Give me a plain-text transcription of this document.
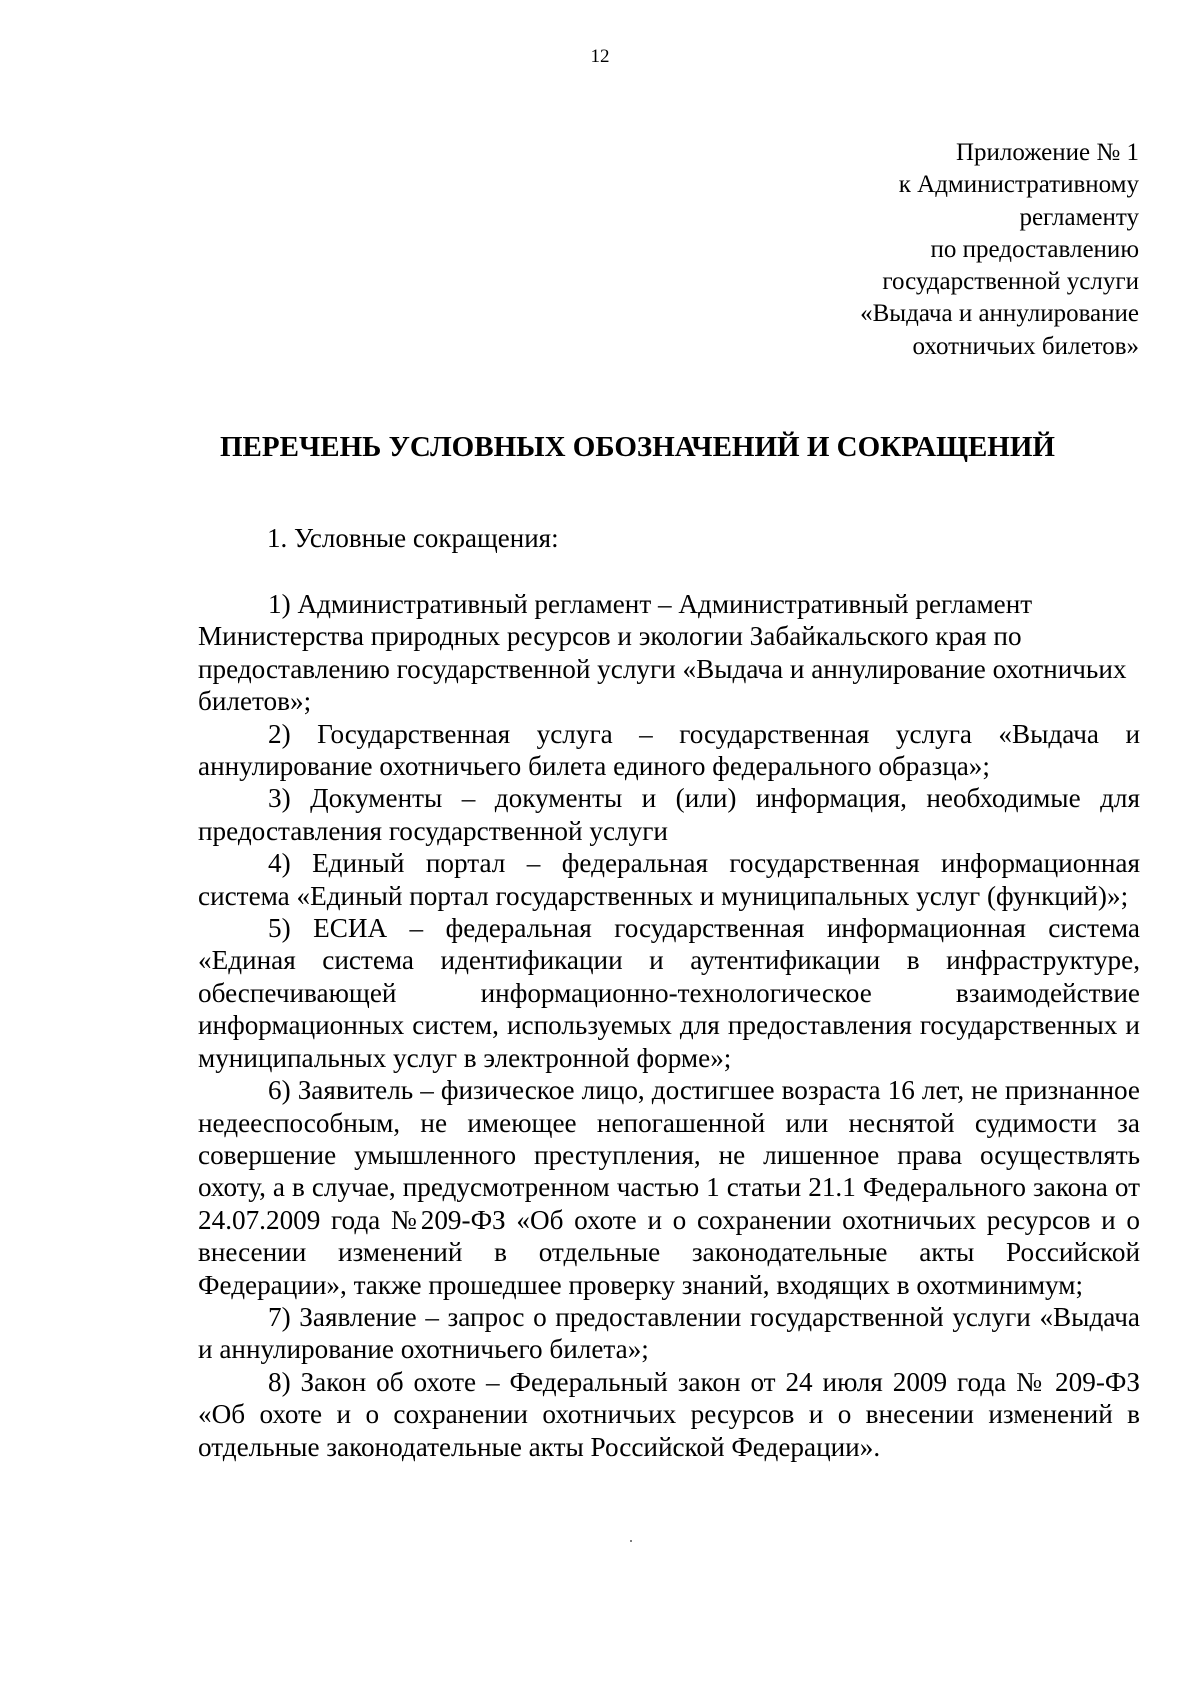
12
Приложение № 1
к Административному
регламенту
по предоставлению
государственной услуги
«Выдача и аннулирование
охотничьих билетов»
ПЕРЕЧЕНЬ УСЛОВНЫХ ОБОЗНАЧЕНИЙ И СОКРАЩЕНИЙ
1. Условные сокращения:

1) Административный регламент – Административный регламент Министерства природных ресурсов и экологии Забайкальского края по предоставлению государственной услуги «Выдача и аннулирование охотничьих билетов»;

2) Государственная услуга – государственная услуга «Выдача и аннулирование охотничьего билета единого федерального образца»;

3) Документы – документы и (или) информация, необходимые для предоставления государственной услуги

4) Единый портал – федеральная государственная информационная система «Единый портал государственных и муниципальных услуг (функций)»;

5) ЕСИА – федеральная государственная информационная система «Единая система идентификации и аутентификации в инфраструктуре, обеспечивающей информационно-технологическое взаимодействие информационных систем, используемых для предоставления государственных и муниципальных услуг в электронной форме»;

6) Заявитель – физическое лицо, достигшее возраста 16 лет, не признанное недееспособным, не имеющее непогашенной или неснятой судимости за совершение умышленного преступления, не лишенное права осуществлять охоту, а в случае, предусмотренном частью 1 статьи 21.1 Федерального закона от 24.07.2009 года №209-ФЗ «Об охоте и о сохранении охотничьих ресурсов и о внесении изменений в отдельные законодательные акты Российской Федерации», также прошедшее проверку знаний, входящих в охотминимум;

7) Заявление – запрос о предоставлении государственной услуги «Выдача и аннулирование охотничьего билета»;

8) Закон об охоте – Федеральный закон от 24 июля 2009 года № 209-ФЗ «Об охоте и о сохранении охотничьих ресурсов и о внесении изменений в отдельные законодательные акты Российской Федерации».
